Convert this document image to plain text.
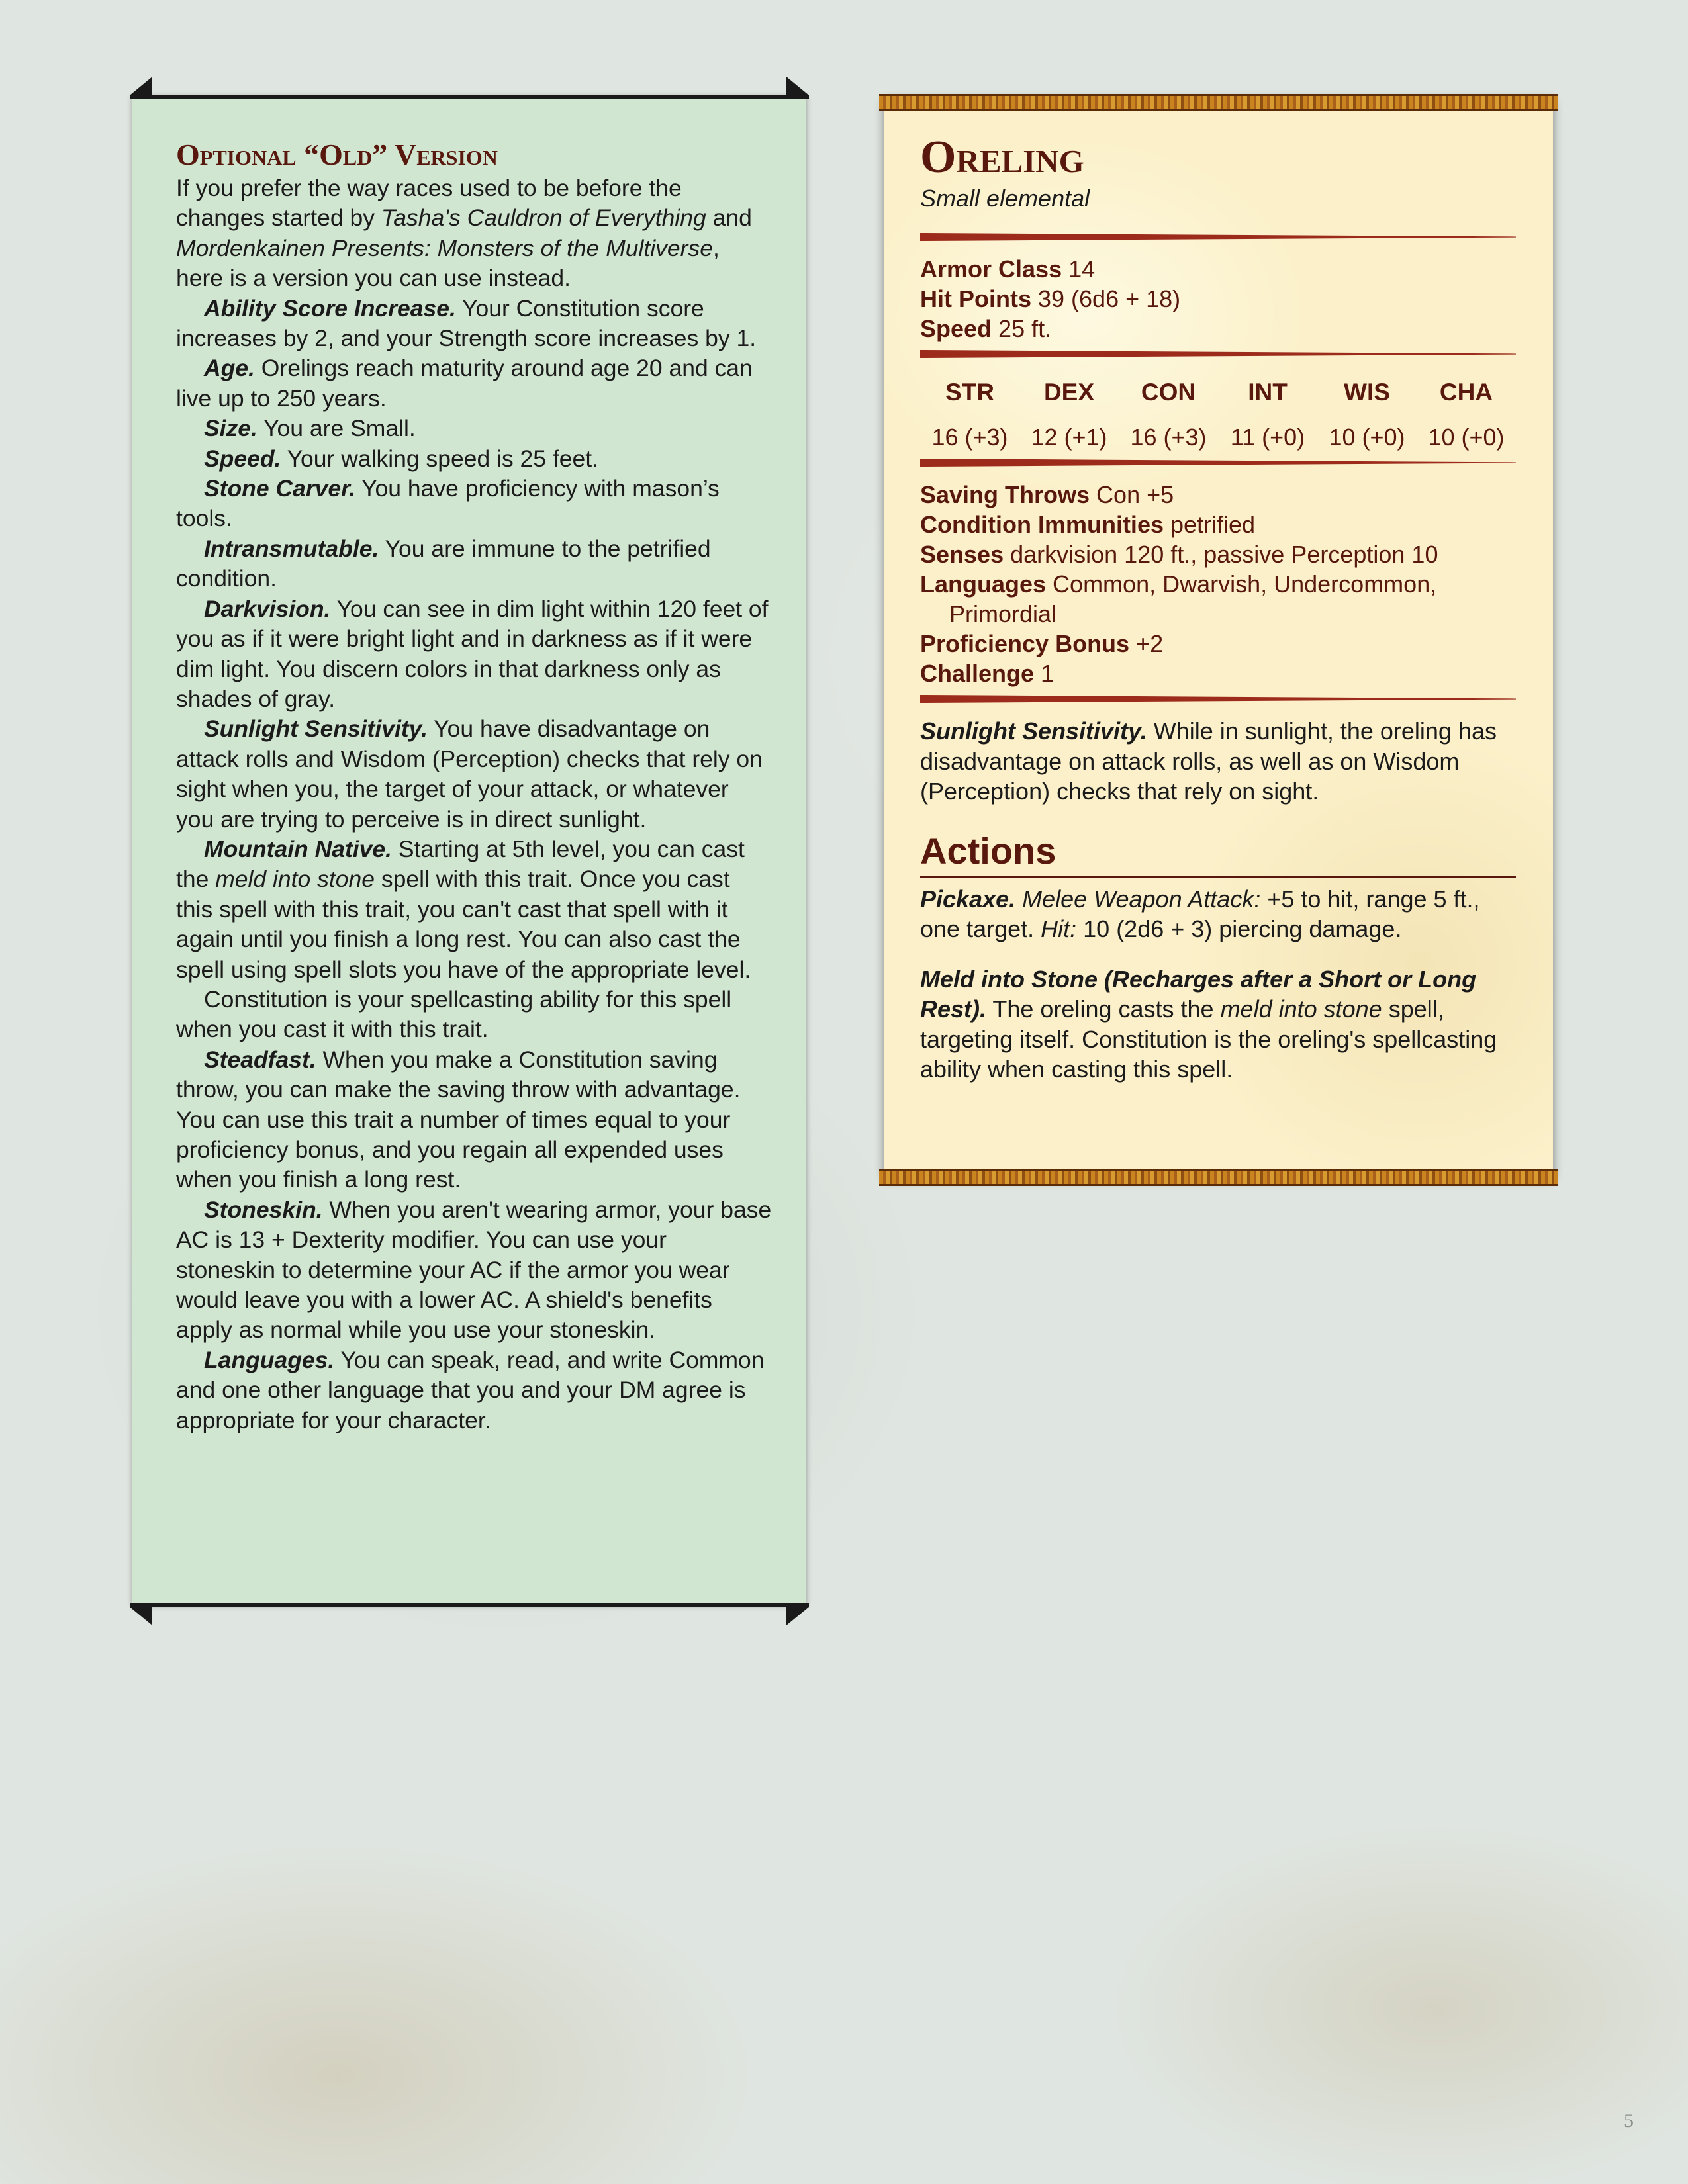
Optional “Old” Version

If you prefer the way races used to be before the changes started by Tasha's Cauldron of Everything and Mordenkainen Presents: Monsters of the Multiverse, here is a version you can use instead.

Ability Score Increase. Your Constitution score increases by 2, and your Strength score increases by 1.

Age. Orelings reach maturity around age 20 and can live up to 250 years.

Size. You are Small.

Speed. Your walking speed is 25 feet.

Stone Carver. You have proficiency with mason’s tools.

Intransmutable. You are immune to the petrified condition.

Darkvision. You can see in dim light within 120 feet of you as if it were bright light and in darkness as if it were dim light. You discern colors in that darkness only as shades of gray.

Sunlight Sensitivity. You have disadvantage on attack rolls and Wisdom (Perception) checks that rely on sight when you, the target of your attack, or whatever you are trying to perceive is in direct sunlight.

Mountain Native. Starting at 5th level, you can cast the meld into stone spell with this trait. Once you cast this spell with this trait, you can't cast that spell with it again until you finish a long rest. You can also cast the spell using spell slots you have of the appropriate level.

Constitution is your spellcasting ability for this spell when you cast it with this trait.

Steadfast. When you make a Constitution saving throw, you can make the saving throw with advantage. You can use this trait a number of times equal to your proficiency bonus, and you regain all expended uses when you finish a long rest.

Stoneskin. When you aren't wearing armor, your base AC is 13 + Dexterity modifier. You can use your stoneskin to determine your AC if the armor you wear would leave you with a lower AC. A shield's benefits apply as normal while you use your stoneskin.

Languages. You can speak, read, and write Common and one other language that you and your DM agree is appropriate for your character.

Oreling

Small elemental

Armor Class 14

Hit Points 39 (6d6 + 18)

Speed 25 ft.

STR
16 (+3)
DEX
12 (+1)
CON
16 (+3)
INT
11 (+0)
WIS
10 (+0)
CHA
10 (+0)

Saving Throws Con +5

Condition Immunities petrified

Senses darkvision 120 ft., passive Perception 10

Languages Common, Dwarvish, Undercommon, Primordial

Proficiency Bonus +2

Challenge 1

Sunlight Sensitivity. While in sunlight, the oreling has disadvantage on attack rolls, as well as on Wisdom (Perception) checks that rely on sight.

Actions

Pickaxe. Melee Weapon Attack: +5 to hit, range 5 ft., one target. Hit: 10 (2d6 + 3) piercing damage.

Meld into Stone (Recharges after a Short or Long Rest). The oreling casts the meld into stone spell, targeting itself. Constitution is the oreling's spellcasting ability when casting this spell.

5
